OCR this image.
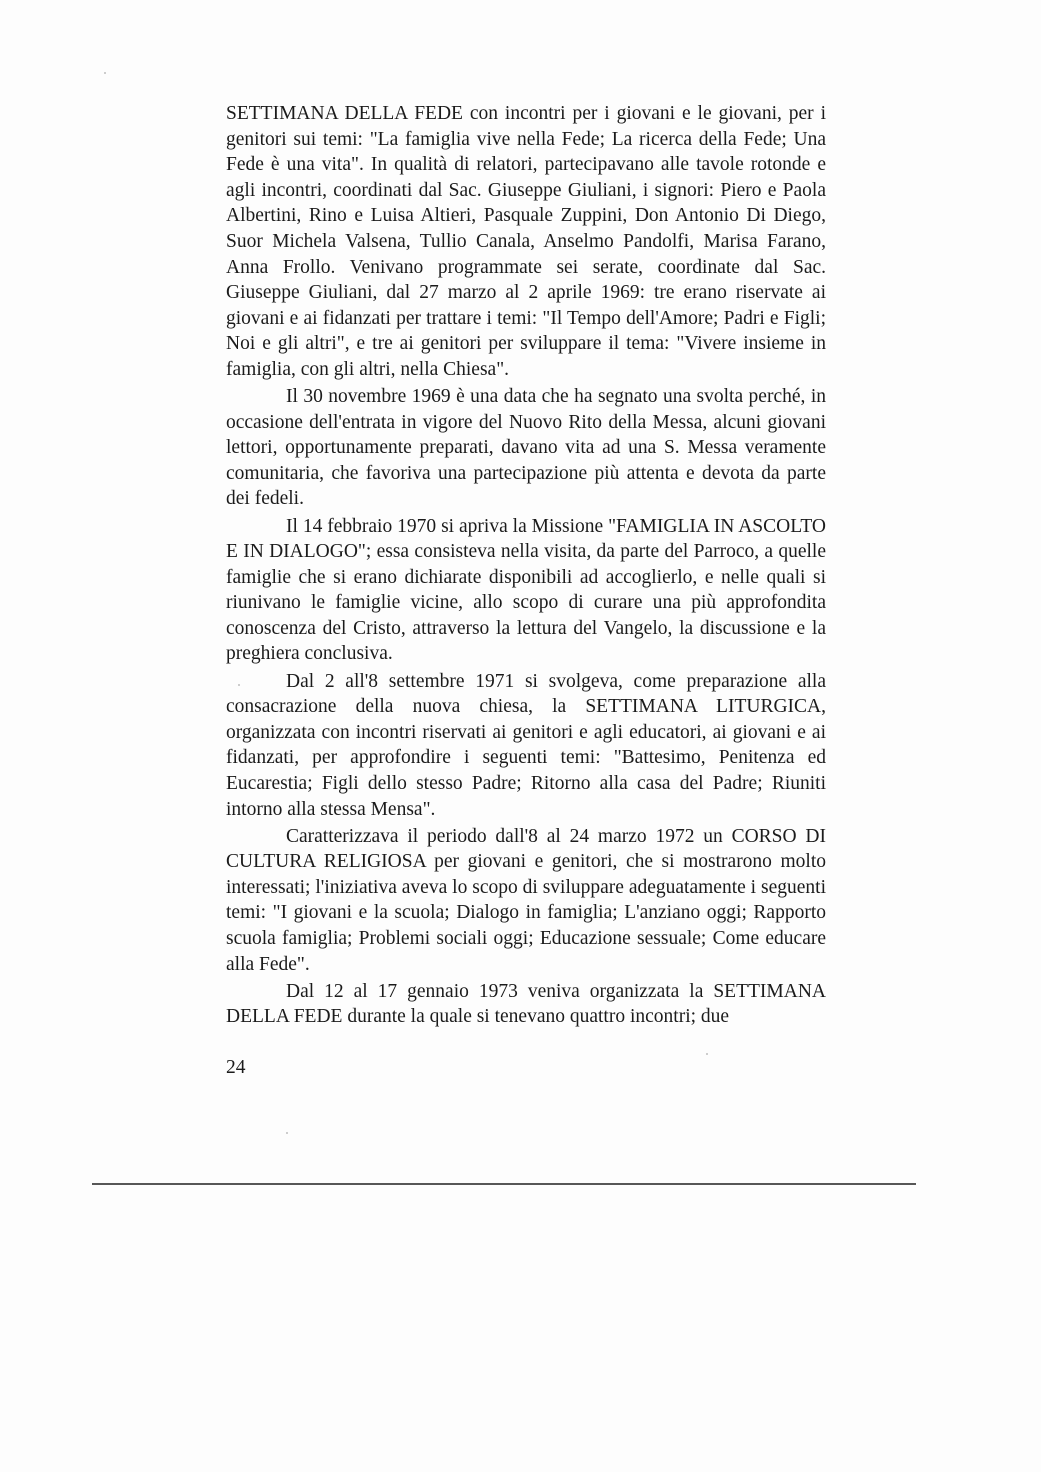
SETTIMANA DELLA FEDE con incontri per i giovani e le giovani, per i genitori sui temi: "La famiglia vive nella Fede; La ricerca della Fede; Una Fede è una vita". In qualità di relatori, partecipavano alle tavole rotonde e agli incontri, coordinati dal Sac. Giuseppe Giuliani, i signori: Piero e Paola Albertini, Rino e Luisa Altieri, Pasquale Zuppini, Don Antonio Di Diego, Suor Michela Valsena, Tullio Canala, Anselmo Pandolfi, Marisa Farano, Anna Frollo. Venivano programmate sei serate, coordinate dal Sac. Giuseppe Giuliani, dal 27 marzo al 2 aprile 1969: tre erano riservate ai giovani e ai fidanzati per trattare i temi: "Il Tempo dell'Amore; Padri e Figli; Noi e gli altri", e tre ai genitori per sviluppare il tema: "Vivere insieme in famiglia, con gli altri, nella Chiesa".

Il 30 novembre 1969 è una data che ha segnato una svolta perché, in occasione dell'entrata in vigore del Nuovo Rito della Messa, alcuni giovani lettori, opportunamente preparati, davano vita ad una S. Messa veramente comunitaria, che favoriva una partecipazione più attenta e devota da parte dei fedeli.

Il 14 febbraio 1970 si apriva la Missione "FAMIGLIA IN ASCOLTO E IN DIALOGO"; essa consisteva nella visita, da parte del Parroco, a quelle famiglie che si erano dichiarate disponibili ad accoglierlo, e nelle quali si riunivano le famiglie vicine, allo scopo di curare una più approfondita conoscenza del Cristo, attraverso la lettura del Vangelo, la discussione e la preghiera conclusiva.

Dal 2 all'8 settembre 1971 si svolgeva, come preparazione alla consacrazione della nuova chiesa, la SETTIMANA LITURGICA, organizzata con incontri riservati ai genitori e agli educatori, ai giovani e ai fidanzati, per approfondire i seguenti temi: "Battesimo, Penitenza ed Eucarestia; Figli dello stesso Padre; Ritorno alla casa del Padre; Riuniti intorno alla stessa Mensa".

Caratterizzava il periodo dall'8 al 24 marzo 1972 un CORSO DI CULTURA RELIGIOSA per giovani e genitori, che si mostrarono molto interessati; l'iniziativa aveva lo scopo di sviluppare adeguatamente i seguenti temi: "I giovani e la scuola; Dialogo in famiglia; L'anziano oggi; Rapporto scuola famiglia; Problemi sociali oggi; Educazione sessuale; Come educare alla Fede".

Dal 12 al 17 gennaio 1973 veniva organizzata la SETTIMANA DELLA FEDE durante la quale si tenevano quattro incontri; due

24
